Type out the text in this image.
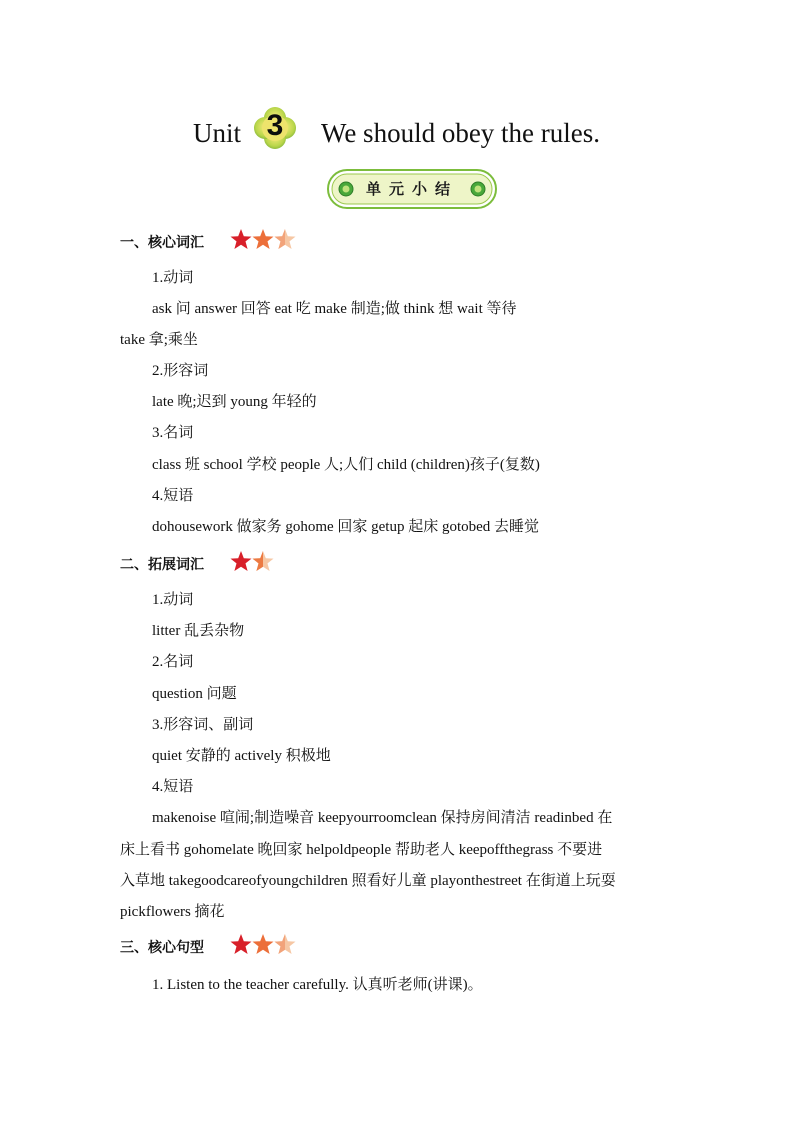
Unit 3	We should obey the rules.
单元小结
一、核心词汇
1.动词
ask 问 answer 回答 eat 吃 make 制造;做 think 想 wait 等待
take 拿;乘坐
2.形容词
late 晚;迟到 young 年轻的
3.名词
class 班 school 学校 people 人;人们 child (children)孩子(复数)
4.短语
dohousework 做家务 gohome 回家 getup 起床 gotobed 去睡觉
二、拓展词汇
1.动词
litter 乱丢杂物
2.名词
question 问题
3.形容词、副词
quiet 安静的 actively 积极地
4.短语
makenoise 喧闹;制造噪音 keepyourroomclean 保持房间清洁 readinbed 在
床上看书 gohomelate 晚回家 helpoldpeople 帮助老人 keepoffthegrass 不要进
入草地 takegoodcareofyoungchildren 照看好儿童 playonthestreet 在街道上玩耍
pickflowers 摘花
三、核心句型
1. Listen to the teacher carefully. 认真听老师(讲课)。
